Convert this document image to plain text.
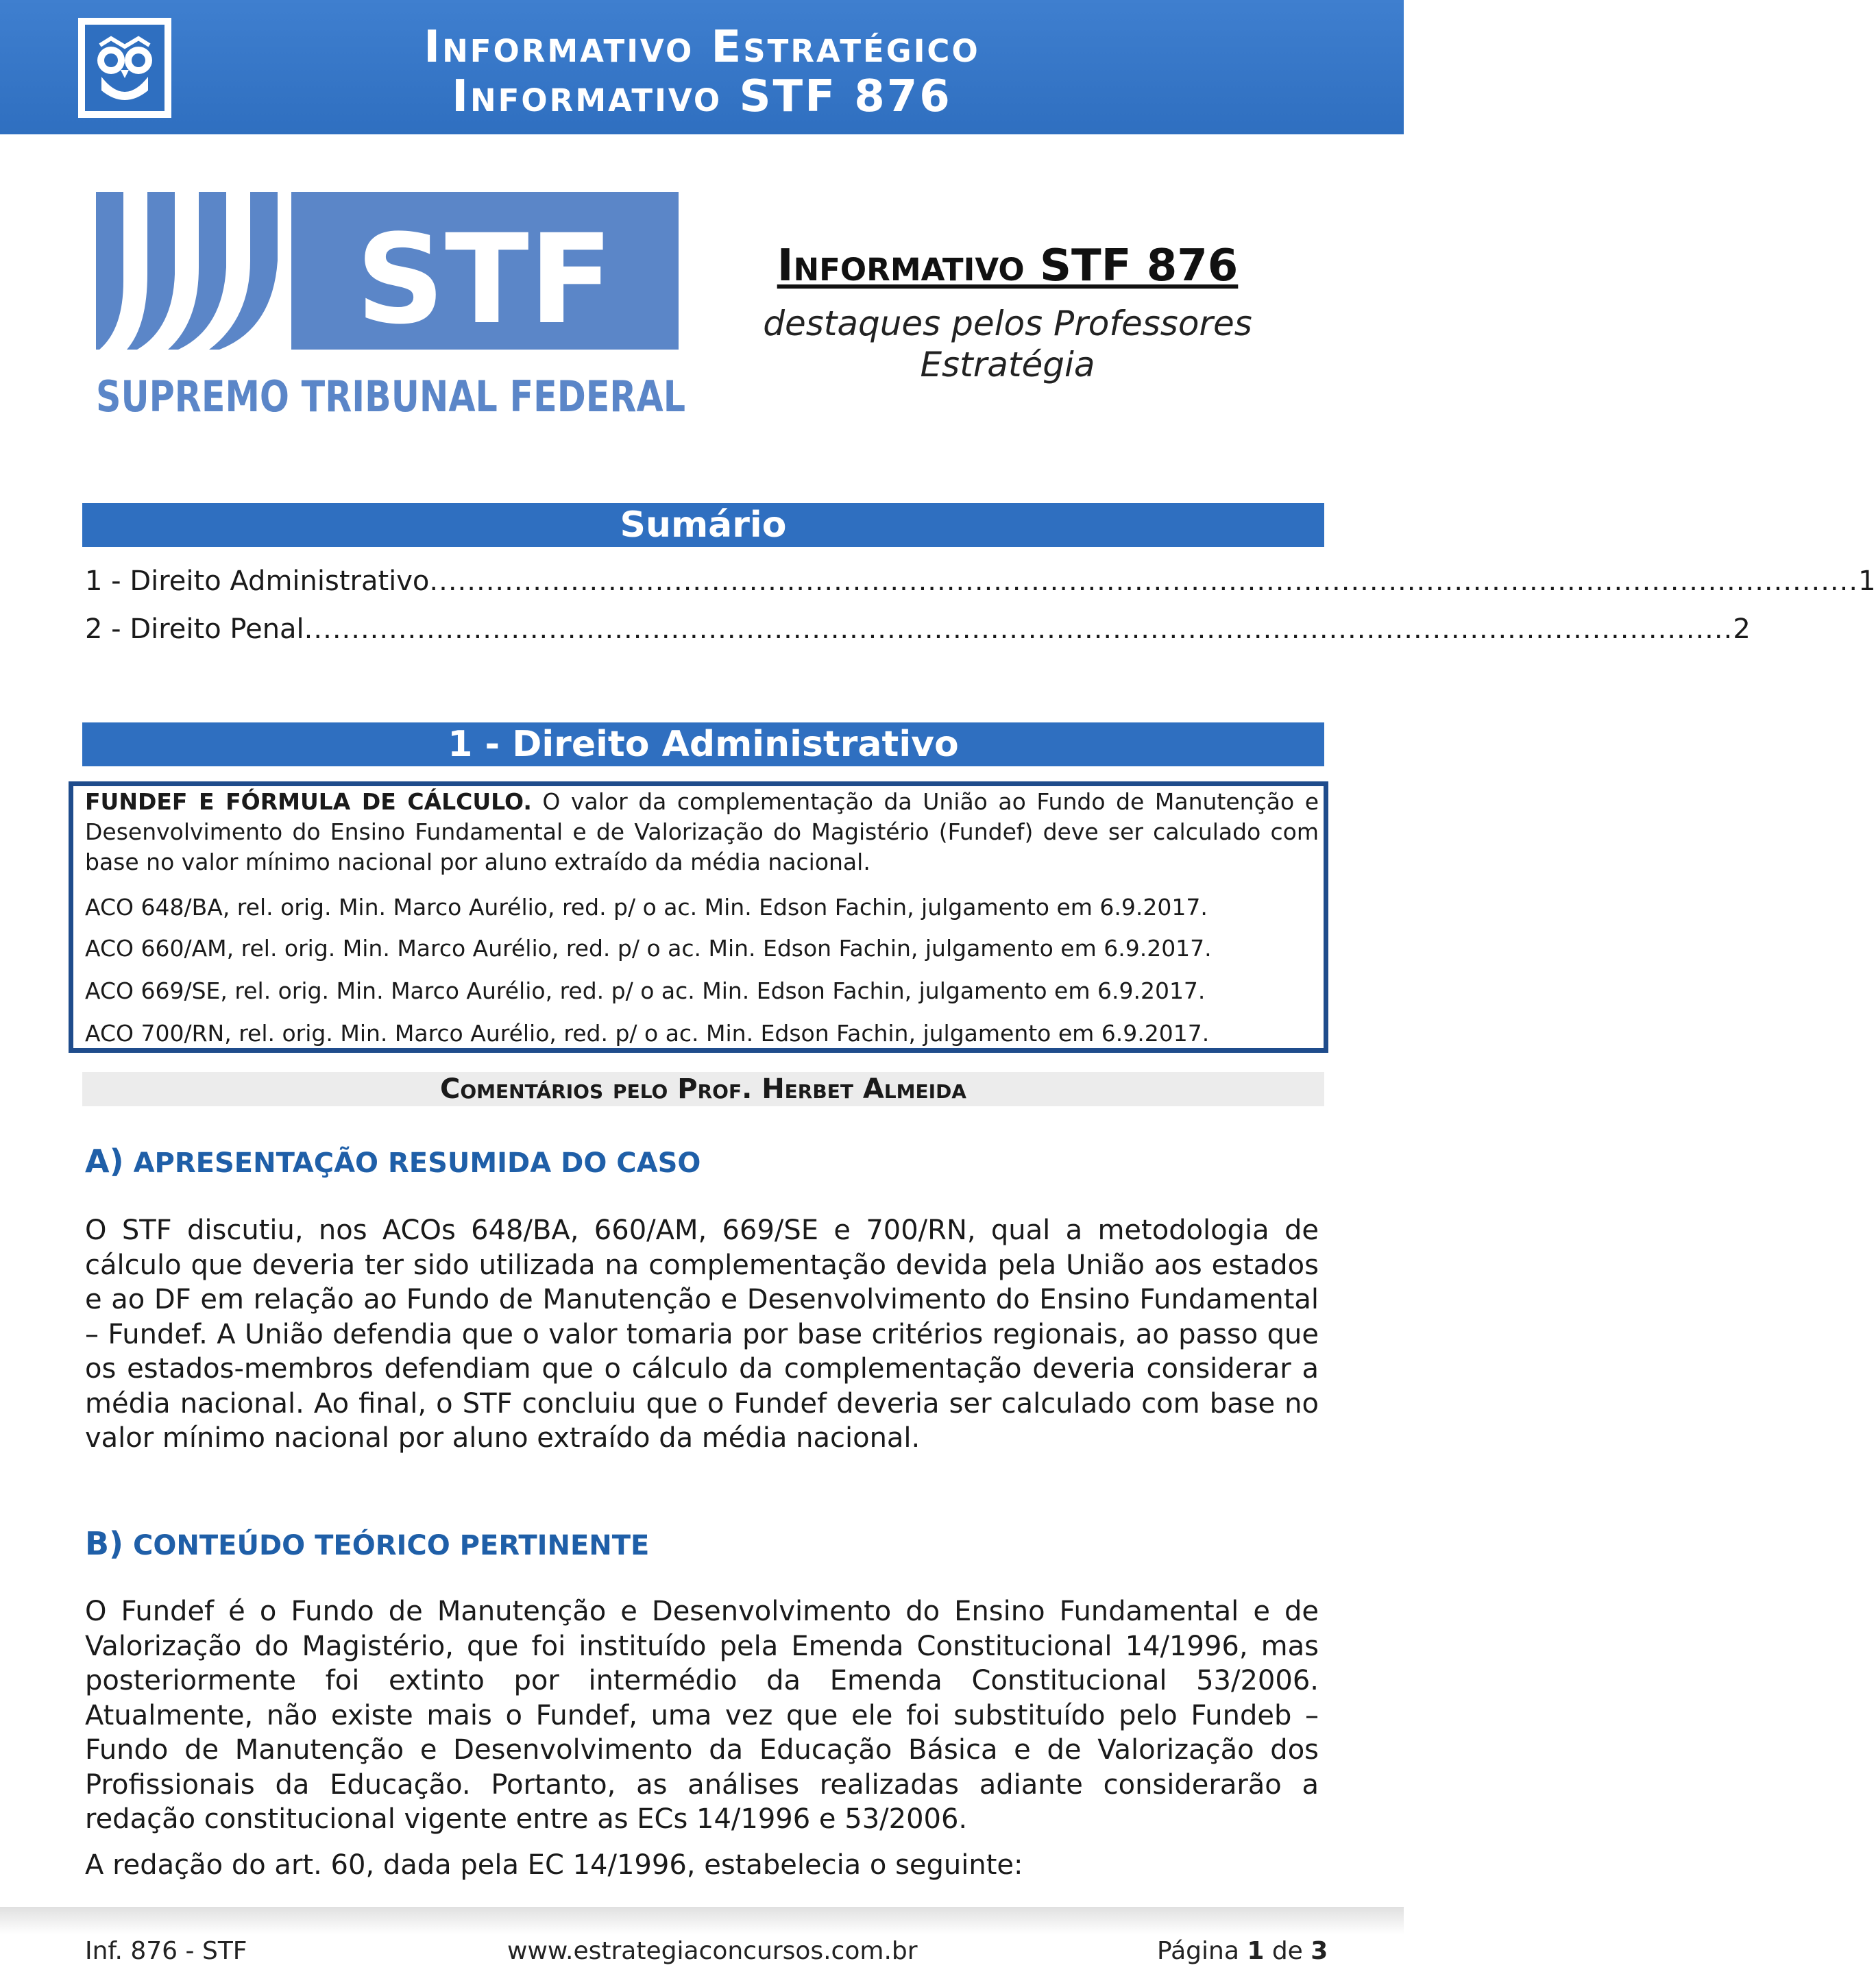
Informativo Estratégico
Informativo STF 876
STF
SUPREMO TRIBUNAL FEDERAL
Informativo STF 876
destaques pelos Professores
Estratégia
Sumário
1 - Direito Administrativo ........................................................................................................................................................ 1
2 - Direito Penal ........................................................................................................................................................ 2
1 - Direito Administrativo
FUNDEF E FÓRMULA DE CÁLCULO. O valor da complementação da União ao Fundo de Manutenção e Desenvolvimento do Ensino Fundamental e de Valorização do Magistério (Fundef) deve ser calculado com base no valor mínimo nacional por aluno extraído da média nacional.
ACO 648/BA, rel. orig. Min. Marco Aurélio, red. p/ o ac. Min. Edson Fachin, julgamento em 6.9.2017.
ACO 660/AM, rel. orig. Min. Marco Aurélio, red. p/ o ac. Min. Edson Fachin, julgamento em 6.9.2017.
ACO 669/SE, rel. orig. Min. Marco Aurélio, red. p/ o ac. Min. Edson Fachin, julgamento em 6.9.2017.
ACO 700/RN, rel. orig. Min. Marco Aurélio, red. p/ o ac. Min. Edson Fachin, julgamento em 6.9.2017.
Comentários pelo Prof. Herbet Almeida
A) APRESENTAÇÃO RESUMIDA DO CASO
O STF discutiu, nos ACOs 648/BA, 660/AM, 669/SE e 700/RN, qual a metodologia de cálculo que deveria ter sido utilizada na complementação devida pela União aos estados e ao DF em relação ao Fundo de Manutenção e Desenvolvimento do Ensino Fundamental – Fundef. A União defendia que o valor tomaria por base critérios regionais, ao passo que os estados-membros defendiam que o cálculo da complementação deveria considerar a média nacional. Ao final, o STF concluiu que o Fundef deveria ser calculado com base no valor mínimo nacional por aluno extraído da média nacional.
B) CONTEÚDO TEÓRICO PERTINENTE
O Fundef é o Fundo de Manutenção e Desenvolvimento do Ensino Fundamental e de Valorização do Magistério, que foi instituído pela Emenda Constitucional 14/1996, mas posteriormente foi extinto por intermédio da Emenda Constitucional 53/2006. Atualmente, não existe mais o Fundef, uma vez que ele foi substituído pelo Fundeb – Fundo de Manutenção e Desenvolvimento da Educação Básica e de Valorização dos Profissionais da Educação. Portanto, as análises realizadas adiante considerarão a redação constitucional vigente entre as ECs 14/1996 e 53/2006.
A redação do art. 60, dada pela EC 14/1996, estabelecia o seguinte:
Inf. 876 - STF	www.estrategiaconcursos.com.br	Página 1 de 3
